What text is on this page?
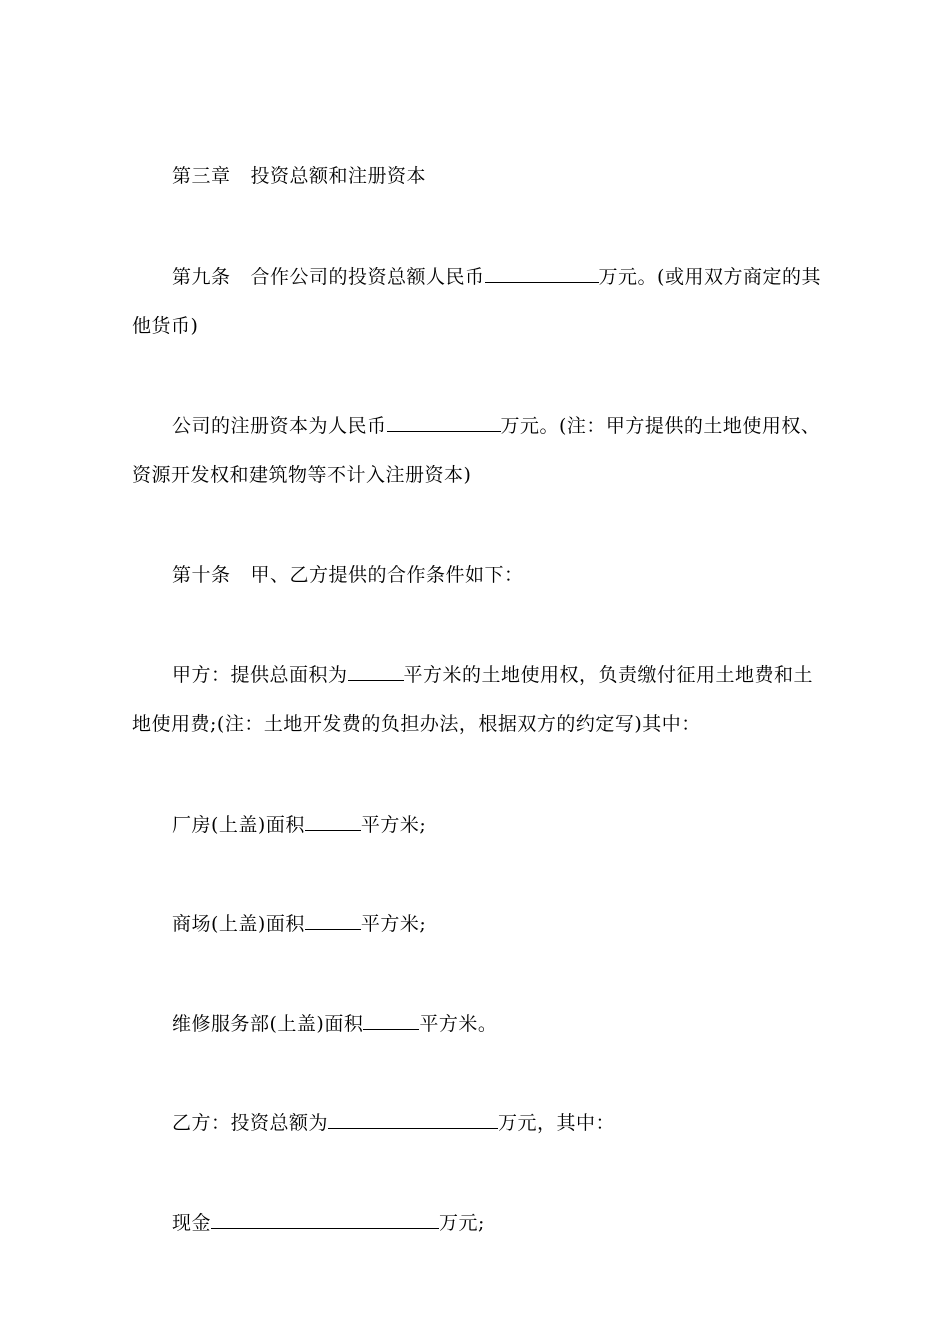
第三章 投资总额和注册资本
第九条 合作公司的投资总额人民币	万元。(或用双方商定的其
他货币)
公司的注册资本为人民币	万元。(注：甲方提供的土地使用权、
资源开发权和建筑物等不计入注册资本)
第十条 甲、乙方提供的合作条件如下：
甲方：提供总面积为	平方米的土地使用权，负责缴付征用土地费和土
地使用费;(注：土地开发费的负担办法，根据双方的约定写)其中：
厂房(上盖)面积	平方米;
商场(上盖)面积	平方米;
维修服务部(上盖)面积	平方米。
乙方：投资总额为	万元，其中：
现金	万元;
